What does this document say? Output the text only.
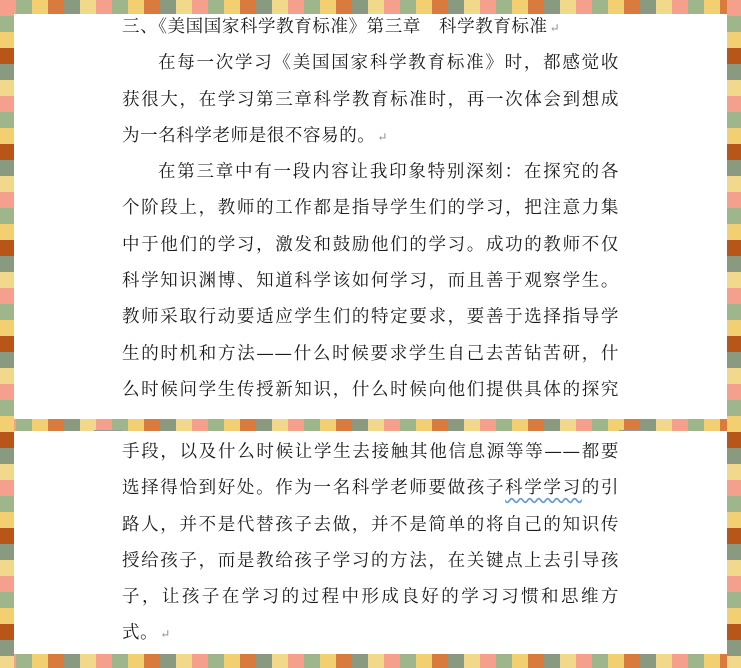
三、《美国国家科学教育标准》第三章　科学教育标准 ↵
在每一次学习《美国国家科学教育标准》时，都感觉收
获很大，在学习第三章科学教育标准时，再一次体会到想成
为一名科学老师是很不容易的。 ↵
在第三章中有一段内容让我印象特别深刻：在探究的各
个阶段上，教师的工作都是指导学生们的学习，把注意力集
中于他们的学习，激发和鼓励他们的学习。成功的教师不仅
科学知识渊博、知道科学该如何学习，而且善于观察学生。
教师采取行动要适应学生们的特定要求，要善于选择指导学
生的时机和方法——什么时候要求学生自己去苦钻苦研，什
么时候问学生传授新知识，什么时候向他们提供具体的探究
手段，以及什么时候让学生去接触其他信息源等等——都要
选择得恰到好处。作为一名科学老师要做孩子科学学习的引
路人，并不是代替孩子去做，并不是简单的将自己的知识传
授给孩子，而是教给孩子学习的方法，在关键点上去引导孩
子，让孩子在学习的过程中形成良好的学习习惯和思维方
式。 ↵
